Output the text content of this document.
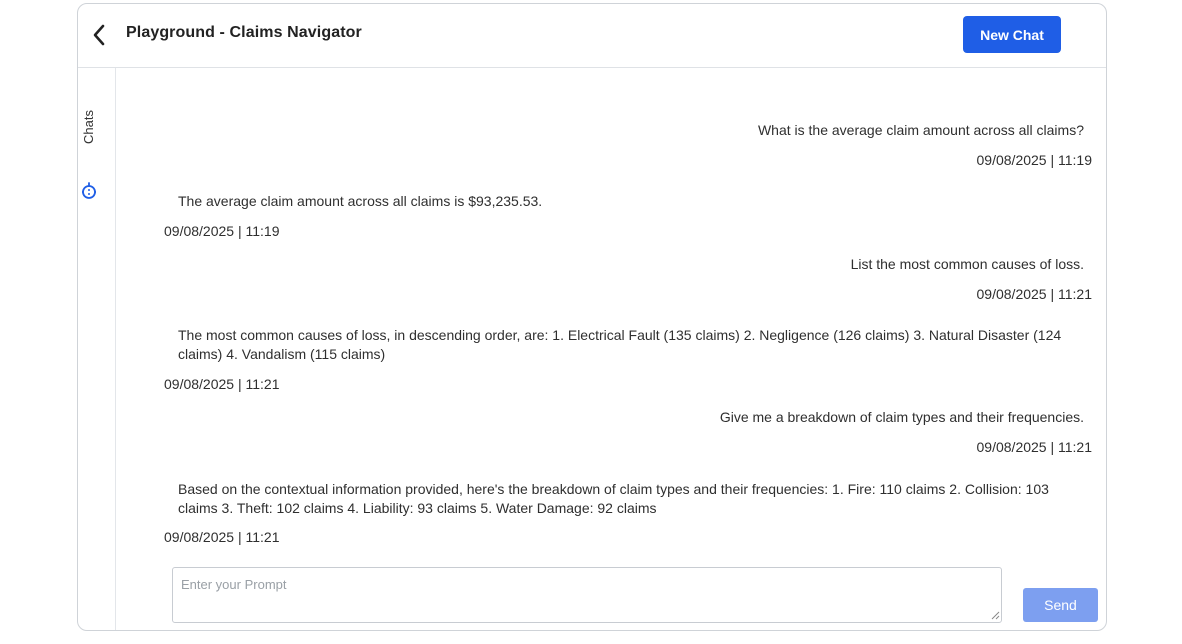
Playground - Claims Navigator	New Chat
Chats	What is the average claim amount across all claims?
09/08/2025 | 11:19
The average claim amount across all claims is $93,235.53.
09/08/2025 | 11:19
List the most common causes of loss.
09/08/2025 | 11:21
The most common causes of loss, in descending order, are: 1. Electrical Fault (135 claims) 2. Negligence (126 claims) 3. Natural Disaster (124 claims) 4. Vandalism (115 claims)
09/08/2025 | 11:21
Give me a breakdown of claim types and their frequencies.
09/08/2025 | 11:21
Based on the contextual information provided, here's the breakdown of claim types and their frequencies: 1. Fire: 110 claims 2. Collision: 103 claims 3. Theft: 102 claims 4. Liability: 93 claims 5. Water Damage: 92 claims
09/08/2025 | 11:21
Enter your Prompt
Send
